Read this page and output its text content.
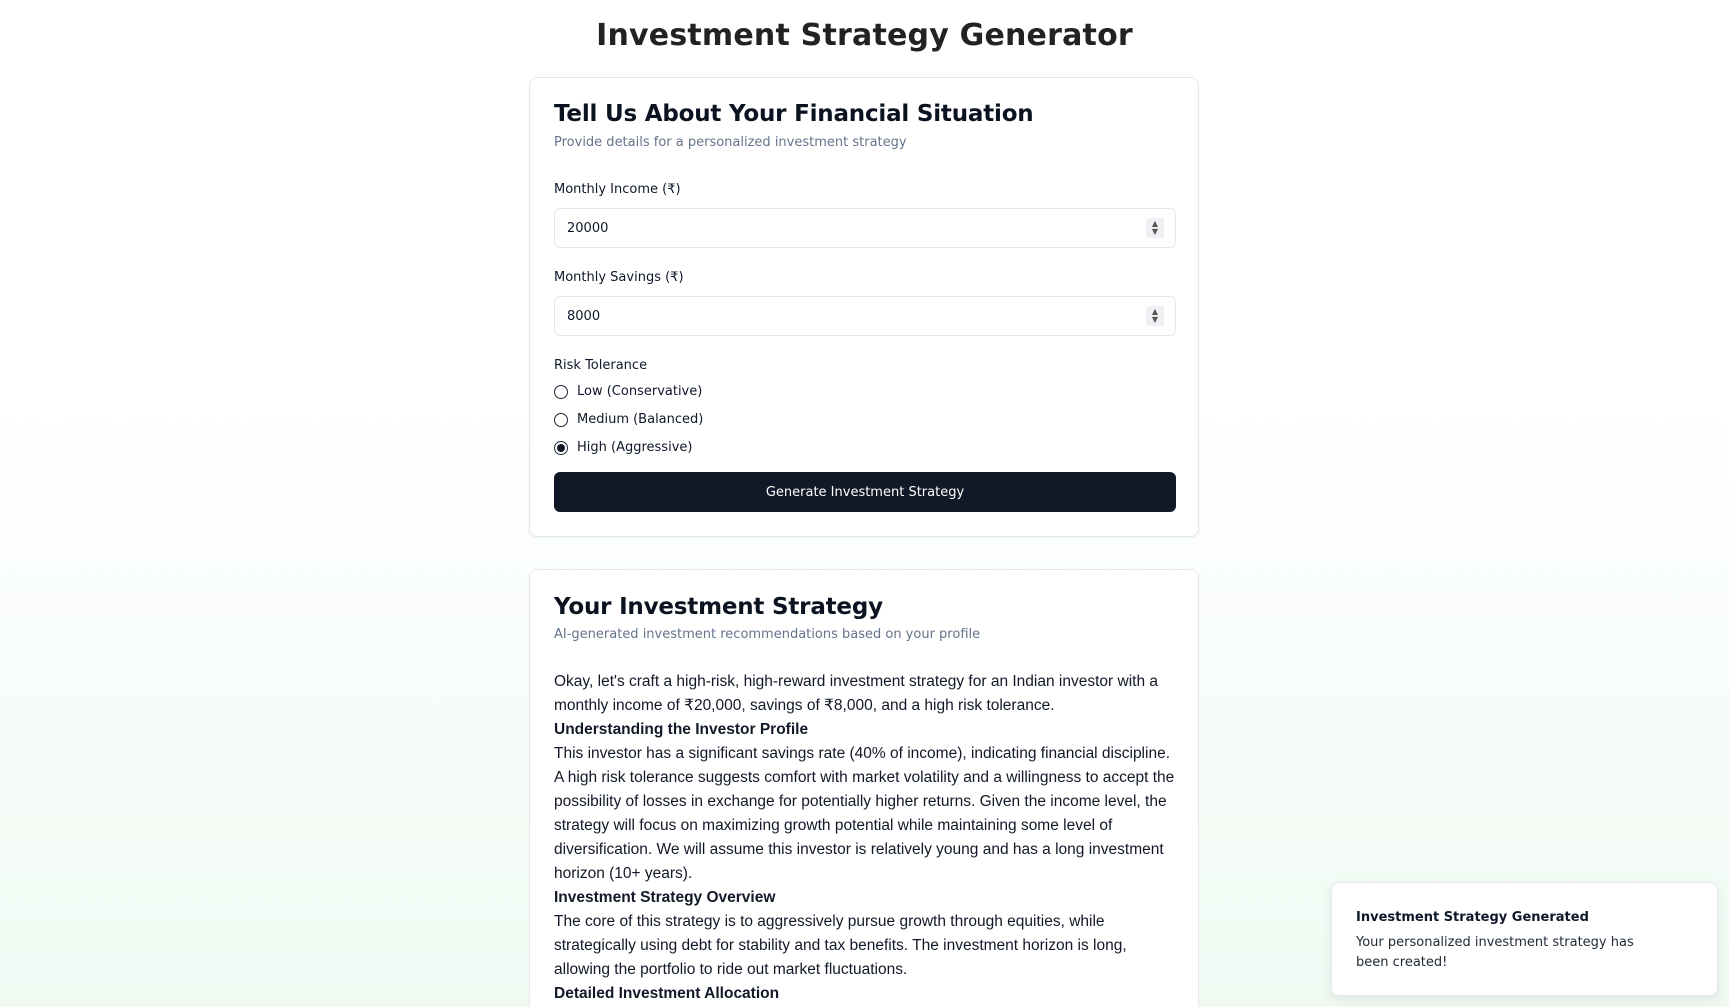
Investment Strategy Generator
Tell Us About Your Financial Situation

Provide details for a personalized investment strategy

Monthly Income (₹)
20000	▲
▼
Monthly Savings (₹)
8000	▲
▼
Risk Tolerance
Low (Conservative)
Medium (Balanced)
High (Aggressive)
Generate Investment Strategy
Your Investment Strategy

AI-generated investment recommendations based on your profile

Okay, let's craft a high-risk, high-reward investment strategy for an Indian investor with a monthly income of ₹20,000, savings of ₹8,000, and a high risk tolerance.

Understanding the Investor Profile

This investor has a significant savings rate (40% of income), indicating financial discipline. A high risk tolerance suggests comfort with market volatility and a willingness to accept the possibility of losses in exchange for potentially higher returns. Given the income level, the strategy will focus on maximizing growth potential while maintaining some level of diversification. We will assume this investor is relatively young and has a long investment horizon (10+ years).

Investment Strategy Overview

The core of this strategy is to aggressively pursue growth through equities, while strategically using debt for stability and tax benefits. The investment horizon is long, allowing the portfolio to ride out market fluctuations.

Detailed Investment Allocation

Investment Strategy Generated
Your personalized investment strategy has been created!
